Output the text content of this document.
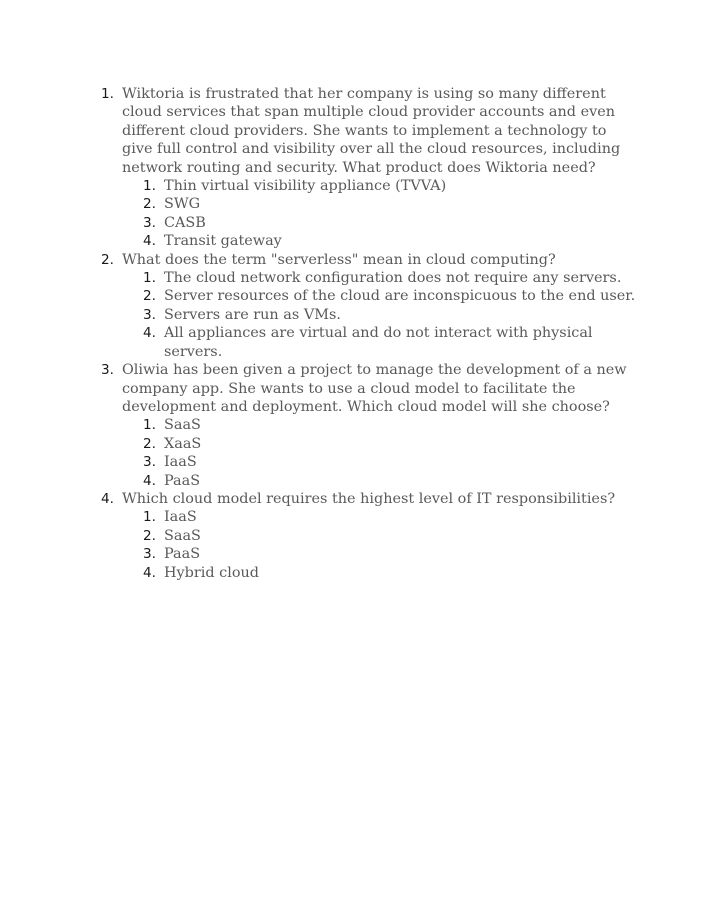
1. Wiktoria is frustrated that her company is using so many different cloud services that span multiple cloud provider accounts and even different cloud providers. She wants to implement a technology to give full control and visibility over all the cloud resources, including network routing and security. What product does Wiktoria need?
1. Thin virtual visibility appliance (TVVA)
2. SWG
3. CASB
4. Transit gateway
2. What does the term "serverless" mean in cloud computing?
1. The cloud network configuration does not require any servers.
2. Server resources of the cloud are inconspicuous to the end user.
3. Servers are run as VMs.
4. All appliances are virtual and do not interact with physical servers.
3. Oliwia has been given a project to manage the development of a new company app. She wants to use a cloud model to facilitate the development and deployment. Which cloud model will she choose?
1. SaaS
2. XaaS
3. IaaS
4. PaaS
4. Which cloud model requires the highest level of IT responsibilities?
1. IaaS
2. SaaS
3. PaaS
4. Hybrid cloud
